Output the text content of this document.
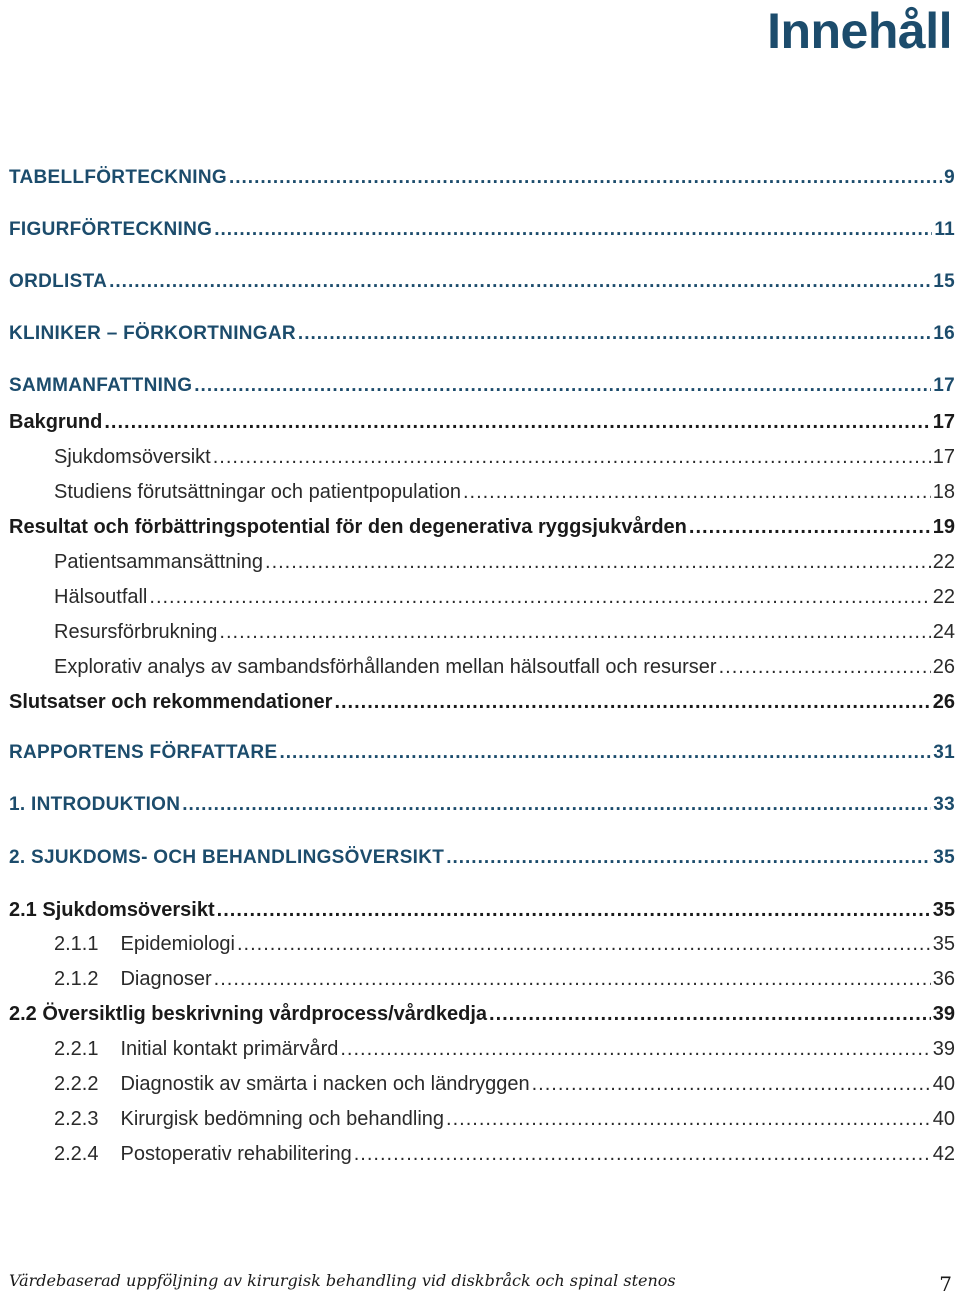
Innehåll
TABELLFÖRTECKNING .....	9
FIGURFÖRTECKNING .....	11
ORDLISTA .....	15
KLINIKER – FÖRKORTNINGAR .....	16
SAMMANFATTNING .....	17
Bakgrund .....	17
Sjukdomsöversikt .....	17
Studiens förutsättningar och patientpopulation .....	18
Resultat och förbättringspotential för den degenerativa ryggsjukvården .....	19
Patientsammansättning .....	22
Hälsoutfall .....	22
Resursförbrukning .....	24
Explorativ analys av sambandsförhållanden mellan hälsoutfall och resurser .....	26
Slutsatser och rekommendationer .....	26
RAPPORTENS FÖRFATTARE .....	31
1. INTRODUKTION .....	33
2. SJUKDOMS- OCH BEHANDLINGSÖVERSIKT .....	35
2.1 Sjukdomsöversikt .....	35
2.1.1 Epidemiologi .....	35
2.1.2 Diagnoser .....	36
2.2 Översiktlig beskrivning vårdprocess/vårdkedja .....	39
2.2.1 Initial kontakt primärvård .....	39
2.2.2 Diagnostik av smärta i nacken och ländryggen .....	40
2.2.3 Kirurgisk bedömning och behandling .....	40
2.2.4 Postoperativ rehabilitering .....	42
Värdebaserad uppföljning av kirurgisk behandling vid diskbråck och spinal stenos	7
